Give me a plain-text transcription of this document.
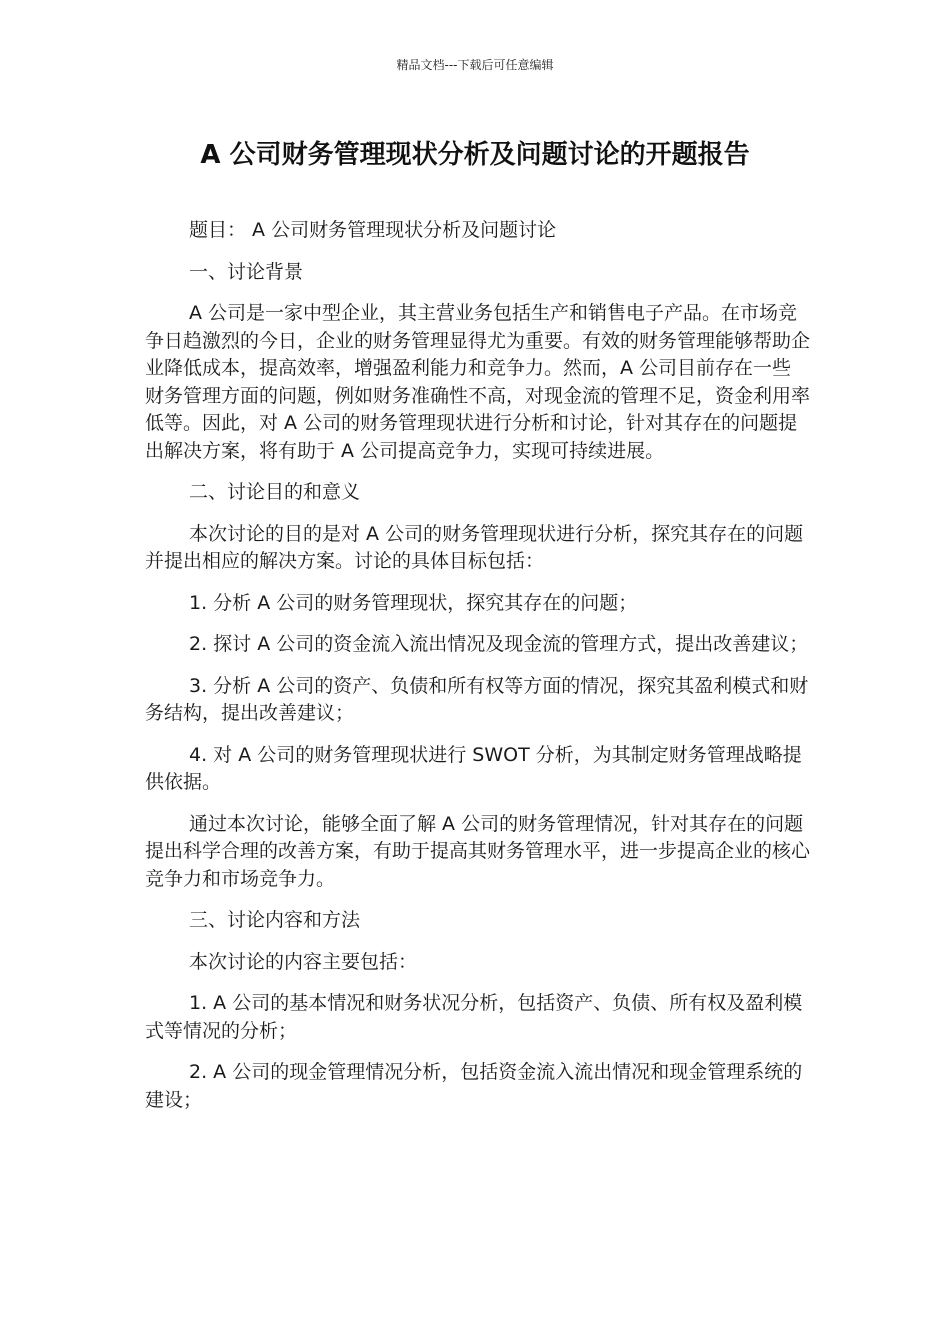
精品文档---下载后可任意编辑
A 公司财务管理现状分析及问题讨论的开题报告

题目： A 公司财务管理现状分析及问题讨论

一、讨论背景

A 公司是一家中型企业，其主营业务包括生产和销售电子产品。在市场竞争日趋激烈的今日，企业的财务管理显得尤为重要。有效的财务管理能够帮助企业降低成本，提高效率，增强盈利能力和竞争力。然而，A 公司目前存在一些财务管理方面的问题，例如财务准确性不高，对现金流的管理不足，资金利用率低等。因此，对 A 公司的财务管理现状进行分析和讨论，针对其存在的问题提出解决方案，将有助于 A 公司提高竞争力，实现可持续进展。

二、讨论目的和意义

本次讨论的目的是对 A 公司的财务管理现状进行分析，探究其存在的问题并提出相应的解决方案。讨论的具体目标包括：

1. 分析 A 公司的财务管理现状，探究其存在的问题；

2. 探讨 A 公司的资金流入流出情况及现金流的管理方式，提出改善建议；

3. 分析 A 公司的资产、负债和所有权等方面的情况，探究其盈利模式和财务结构，提出改善建议；

4. 对 A 公司的财务管理现状进行 SWOT 分析，为其制定财务管理战略提供依据。

通过本次讨论，能够全面了解 A 公司的财务管理情况，针对其存在的问题提出科学合理的改善方案，有助于提高其财务管理水平，进一步提高企业的核心竞争力和市场竞争力。

三、讨论内容和方法

本次讨论的内容主要包括：

1. A 公司的基本情况和财务状况分析，包括资产、负债、所有权及盈利模式等情况的分析；

2. A 公司的现金管理情况分析，包括资金流入流出情况和现金管理系统的建设；
